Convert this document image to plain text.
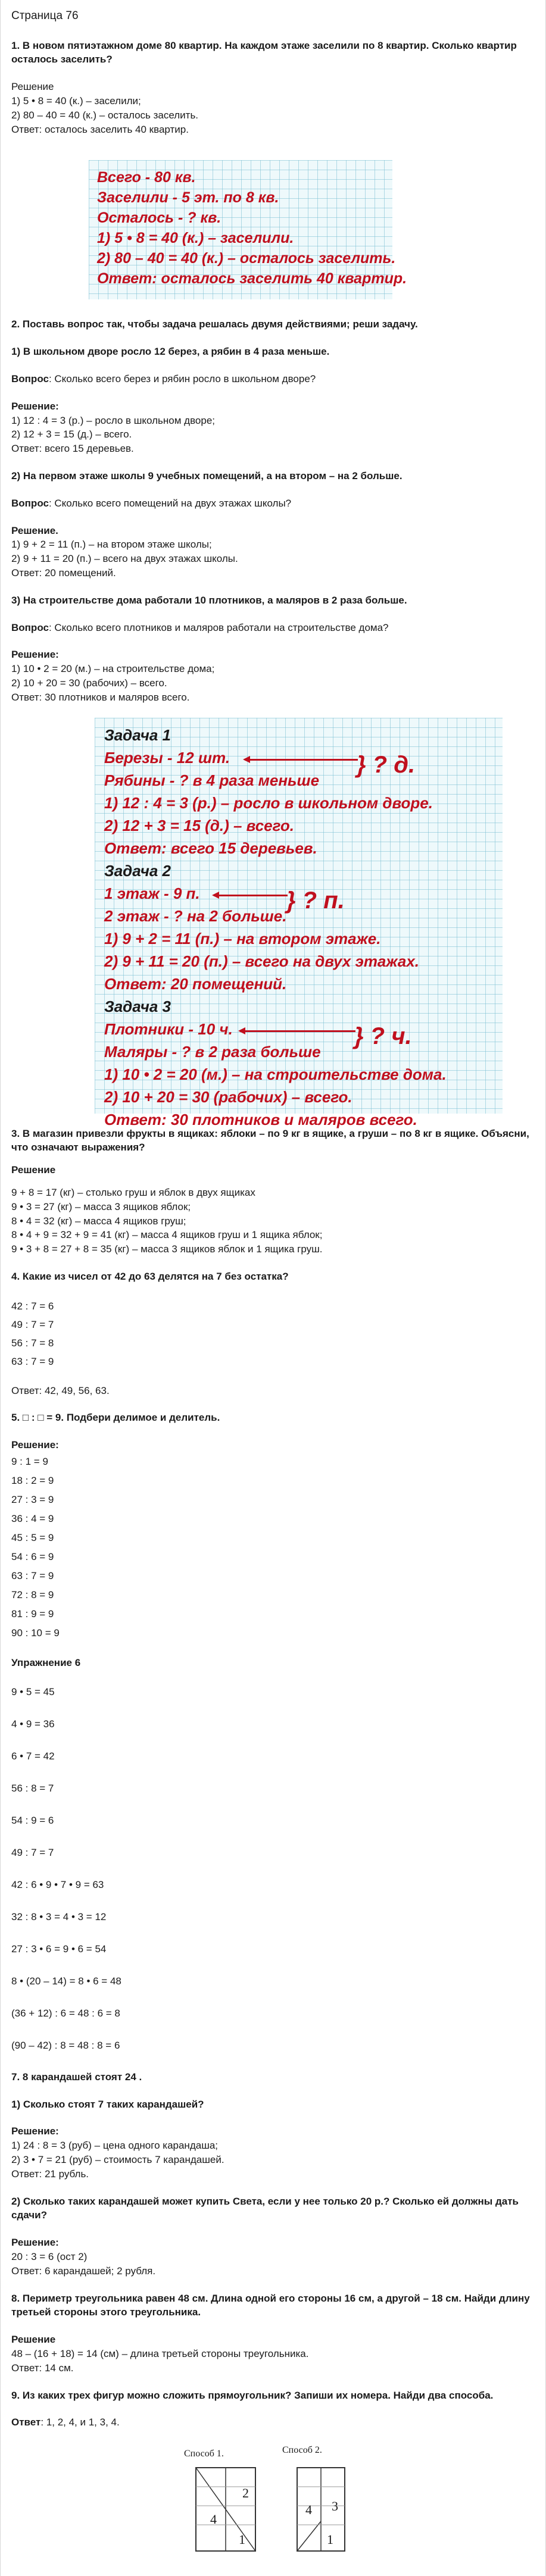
Страница 76

1. В новом пятиэтажном доме 80 квартир. На каждом этаже заселили по 8 квартир. Сколько квартир осталось заселить?

Решение

1) 5 • 8 = 40 (к.) – заселили;

2) 80 – 40 = 40 (к.) – осталось заселить.

Ответ: осталось заселить 40 квартир.

Всего - 80 кв.

Заселили - 5 эт. по 8 кв.

Осталось - ? кв.

1) 5 • 8 = 40 (к.) – заселили.

2) 80 – 40 = 40 (к.) – осталось заселить.

Ответ: осталось заселить 40 квартир.

2. Поставь вопрос так, чтобы задача решалась двумя действиями; реши задачу.

1) В школьном дворе росло 12 берез, а рябин в 4 раза меньше.

Вопрос: Сколько всего берез и рябин росло в школьном дворе?

Решение:

1) 12 : 4 = 3 (р.) – росло в школьном дворе;

2) 12 + 3 = 15 (д.) – всего.

Ответ: всего 15 деревьев.

2) На первом этаже школы 9 учебных помещений, а на втором – на 2 больше.

Вопрос: Сколько всего помещений на двух этажах школы?

Решение.

1) 9 + 2 = 11 (п.) – на втором этаже школы;

2) 9 + 11 = 20 (п.) – всего на двух этажах школы.

Ответ: 20 помещений.

3) На строительстве дома работали 10 плотников, а маляров в 2 раза больше.

Вопрос: Сколько всего плотников и маляров работали на строительстве дома?

Решение:

1) 10 • 2 = 20 (м.) – на строительстве дома;

2) 10 + 20 = 30 (рабочих) – всего.

Ответ: 30 плотников и маляров всего.

Задача 1

Березы - 12 шт.

Рябины - ? в 4 раза меньше

1) 12 : 4 = 3 (р.) – росло в школьном дворе.

2) 12 + 3 = 15 (д.) – всего.

Ответ: всего 15 деревьев.

Задача 2

1 этаж - 9 п.

2 этаж - ? на 2 больше.

1) 9 + 2 = 11 (п.) – на втором этаже.

2) 9 + 11 = 20 (п.) – всего на двух этажах.

Ответ: 20 помещений.

Задача 3

Плотники - 10 ч.

Маляры - ? в 2 раза больше

1) 10 • 2 = 20 (м.) – на строительстве дома.

2) 10 + 20 = 30 (рабочих) – всего.

Ответ: 30 плотников и маляров всего.

} ? д.
} ? п.
} ? ч.

3. В магазин привезли фрукты в ящиках: яблоки – по 9 кг в ящике, а груши – по 8 кг в ящике. Объясни, что означают выражения?

Решение

9 + 8 = 17 (кг) – столько груш и яблок в двух ящиках

9 • 3 = 27 (кг) – масса 3 ящиков яблок;

8 • 4 = 32 (кг) – масса 4 ящиков груш;

8 • 4 + 9 = 32 + 9 = 41 (кг) – масса 4 ящиков груш и 1 ящика яблок;

9 • 3 + 8 = 27 + 8 = 35 (кг) – масса 3 ящиков яблок и 1 ящика груш.

4. Какие из чисел от 42 до 63 делятся на 7 без остатка?

42 : 7 = 6

49 : 7 = 7

56 : 7 = 8

63 : 7 = 9

Ответ: 42, 49, 56, 63.

5. □ : □ = 9. Подбери делимое и делитель.

Решение:

9 : 1 = 9

18 : 2 = 9

27 : 3 = 9

36 : 4 = 9

45 : 5 = 9

54 : 6 = 9

63 : 7 = 9

72 : 8 = 9

81 : 9 = 9

90 : 10 = 9

Упражнение 6

9 • 5 = 45

4 • 9 = 36

6 • 7 = 42

56 : 8 = 7

54 : 9 = 6

49 : 7 = 7

42 : 6 • 9 • 7 • 9 = 63

32 : 8 • 3 = 4 • 3 = 12

27 : 3 • 6 = 9 • 6 = 54

8 • (20 – 14) = 8 • 6 = 48

(36 + 12) : 6 = 48 : 6 = 8

(90 – 42) : 8 = 48 : 8 = 6

7. 8 карандашей стоят 24 .

1) Сколько стоят 7 таких карандашей?

Решение:

1) 24 : 8 = 3 (руб) – цена одного карандаша;

2) 3 • 7 = 21 (руб) – стоимость 7 карандашей.

Ответ: 21 рубль.

2) Сколько таких карандашей может купить Света, если у нее только 20 р.? Сколько ей должны дать сдачи?

Решение:

20 : 3 = 6 (ост 2)

Ответ: 6 карандашей; 2 рубля.

8. Периметр треугольника равен 48 см. Длина одной его стороны 16 см, а другой – 18 см. Найди длину третьей стороны этого треугольника.

Решение

48 – (16 + 18) = 14 (см) – длина третьей стороны треугольника.

Ответ: 14 см.

9. Из каких трех фигур можно сложить прямоугольник? Запиши их номера. Найди два способа.

Ответ: 1, 2, 4, и 1, 3, 4.

Способ 1.	Способ 2.
2
4
1
4 3
1
